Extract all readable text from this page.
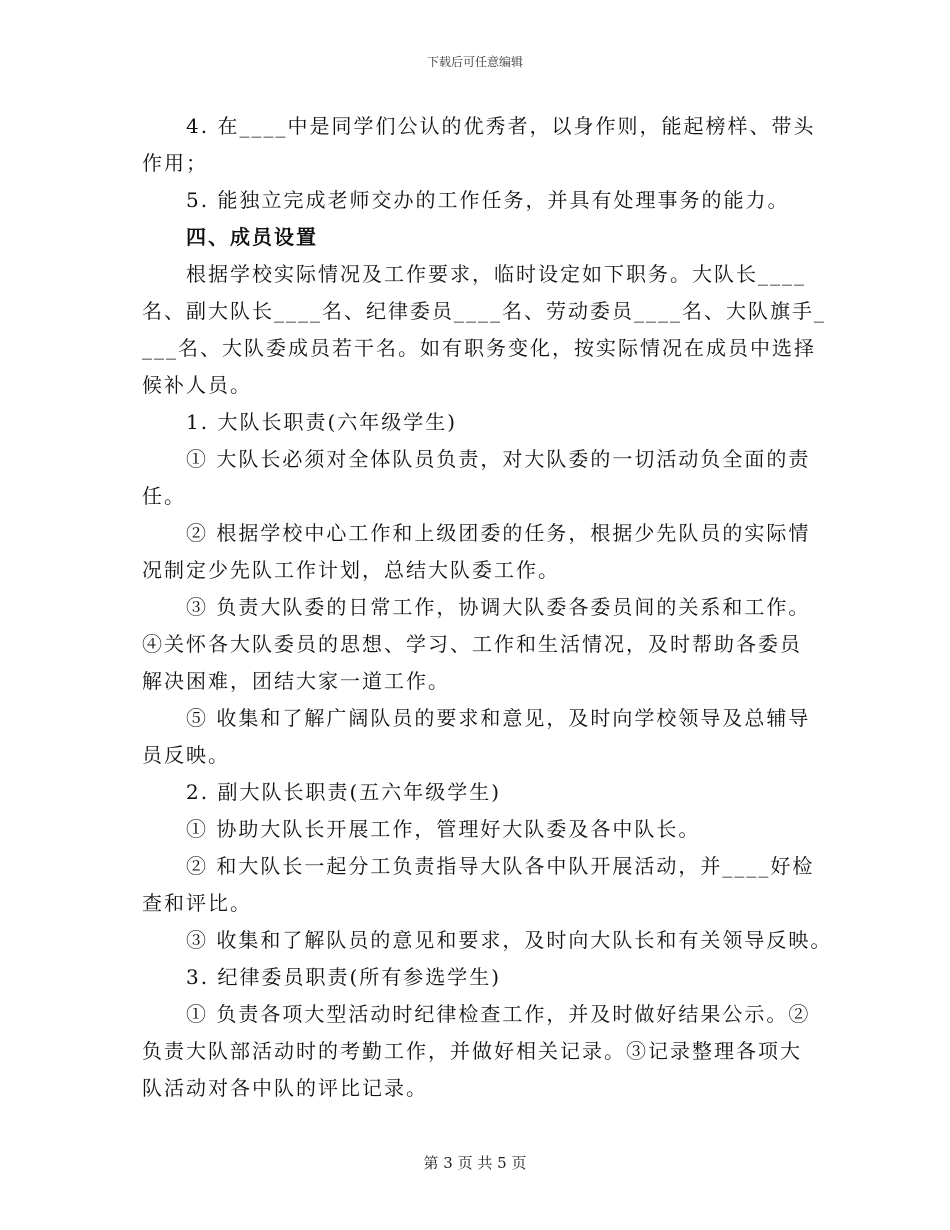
下载后可任意编辑
4. 在____中是同学们公认的优秀者，以身作则，能起榜样、带头
作用；
5. 能独立完成老师交办的工作任务，并具有处理事务的能力。
四、成员设置
根据学校实际情况及工作要求，临时设定如下职务。大队长____
名、副大队长____名、纪律委员____名、劳动委员____名、大队旗手_
___名、大队委成员若干名。如有职务变化，按实际情况在成员中选择
候补人员。
1. 大队长职责(六年级学生)
① 大队长必须对全体队员负责，对大队委的一切活动负全面的责
任。
② 根据学校中心工作和上级团委的任务，根据少先队员的实际情
况制定少先队工作计划，总结大队委工作。
③ 负责大队委的日常工作，协调大队委各委员间的关系和工作。
④关怀各大队委员的思想、学习、工作和生活情况，及时帮助各委员
解决困难，团结大家一道工作。
⑤ 收集和了解广阔队员的要求和意见，及时向学校领导及总辅导
员反映。
2. 副大队长职责(五六年级学生)
① 协助大队长开展工作，管理好大队委及各中队长。
② 和大队长一起分工负责指导大队各中队开展活动，并____好检
查和评比。
③ 收集和了解队员的意见和要求，及时向大队长和有关领导反映。
3. 纪律委员职责(所有参选学生)
① 负责各项大型活动时纪律检查工作，并及时做好结果公示。②
负责大队部活动时的考勤工作，并做好相关记录。③记录整理各项大
队活动对各中队的评比记录。
第 3 页 共 5 页
